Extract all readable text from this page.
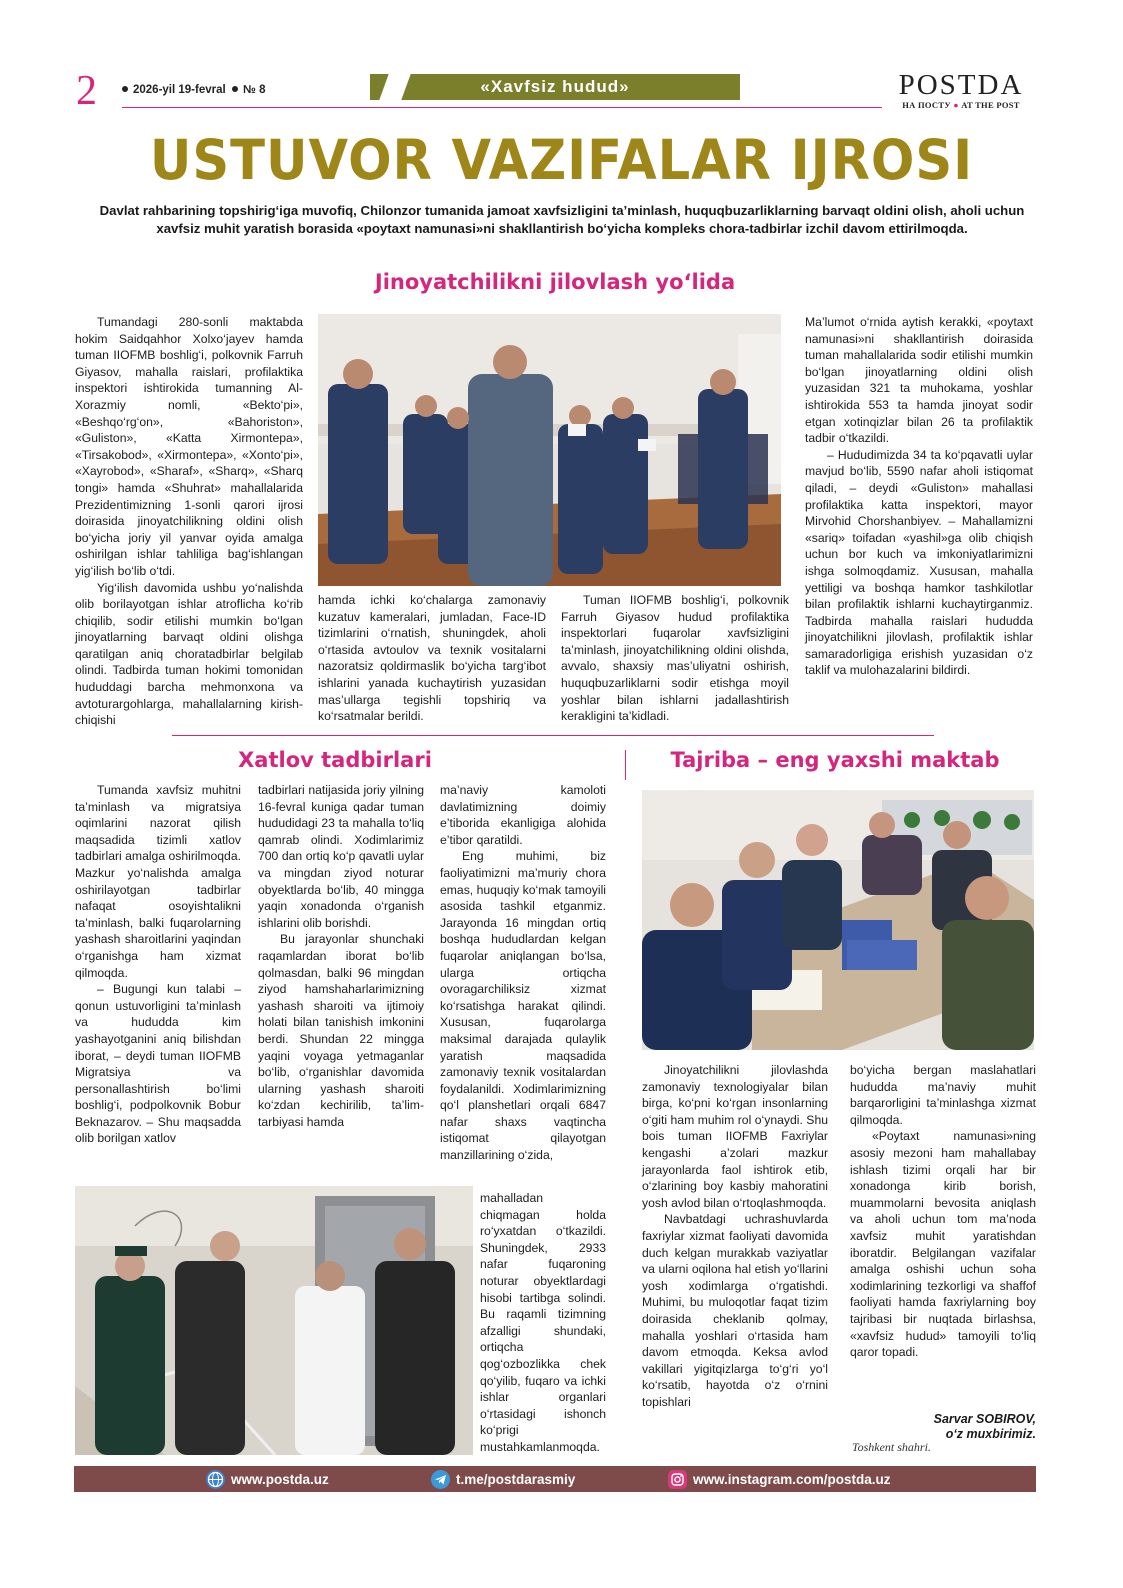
2	2026-yil 19-fevral № 8	«Xavfsiz hudud»	POSTDA
НА ПОСТУ ● AT THE POST
USTUVOR VAZIFALAR IJROSI
Davlat rahbarining topshirig‘iga muvofiq, Chilonzor tumanida jamoat xavfsizligini ta’minlash, huquqbuzarliklarning barvaqt oldini olish, aholi uchun xavfsiz muhit yaratish borasida «poytaxt namunasi»ni shakllantirish bo‘yicha kompleks chora-tadbirlar izchil davom ettirilmoqda.
Jinoyatchilikni jilovlash yo‘lida

Tumandagi 280-sonli maktabda hokim Saidqahhor Xolxo‘jayev hamda tuman IIOFMB boshlig‘i, polkovnik Farruh Giyasov, mahalla raislari, profilaktika inspektori ishtirokida tumanning Al-Xorazmiy nomli, «Bekto‘pi», «Beshqo‘rg‘on», «Bahoriston», «Guliston», «Katta Xirmontepa», «Tirsakobod», «Xirmontepa», «Xonto‘pi», «Xayrobod», «Sharaf», «Sharq», «Sharq tongi» hamda «Shuhrat» mahallalarida Prezidentimizning 1-sonli qarori ijrosi doirasida jinoyatchilikning oldini olish bo‘yicha joriy yil yanvar oyida amalga oshirilgan ishlar tahliliga bag‘ishlangan yig‘ilish bo‘lib o‘tdi.

Yig‘ilish davomida ushbu yo‘nalishda olib borilayotgan ishlar atroflicha ko‘rib chiqilib, sodir etilishi mumkin bo‘lgan jinoyatlarning barvaqt oldini olishga qaratilgan aniq choratadbirlar belgilab olindi. Tadbirda tuman hokimi tomonidan hududdagi barcha mehmonxona va avtoturargohlarga, mahallalarning kirish-chiqishi

hamda ichki ko‘chalarga zamonaviy kuzatuv kameralari, jumladan, Face-ID tizimlarini o‘rnatish, shuningdek, aholi o‘rtasida avtoulov va texnik vositalarni nazoratsiz qoldirmaslik bo‘yicha targ‘ibot ishlarini yanada kuchaytirish yuzasidan mas’ullarga tegishli topshiriq va ko‘rsatmalar berildi.

Tuman IIOFMB boshlig‘i, polkovnik Farruh Giyasov hudud profilaktika inspektorlari fuqarolar xavfsizligini ta’minlash, jinoyatchilikning oldini olishda, avvalo, shaxsiy mas’uliyatni oshirish, huquqbuzarliklarni sodir etishga moyil yoshlar bilan ishlarni jadallashtirish kerakligini ta’kidladi.

Ma’lumot o‘rnida aytish kerakki, «poytaxt namunasi»ni shakllantirish doirasida tuman mahallalarida sodir etilishi mumkin bo‘lgan jinoyatlarning oldini olish yuzasidan 321 ta muhokama, yoshlar ishtirokida 553 ta hamda jinoyat sodir etgan xotinqizlar bilan 26 ta profilaktik tadbir o‘tkazildi.

– Hududimizda 34 ta ko‘pqavatli uylar mavjud bo‘lib, 5590 nafar aholi istiqomat qiladi, – deydi «Guliston» mahallasi profilaktika katta inspektori, mayor Mirvohid Chorshanbiyev. – Mahallamizni «sariq» toifadan «yashil»ga olib chiqish uchun bor kuch va imkoniyatlarimizni ishga solmoqdamiz. Xususan, mahalla yettiligi va boshqa hamkor tashkilotlar bilan profilaktik ishlarni kuchaytirganmiz. Tadbirda mahalla raislari hududda jinoyatchilikni jilovlash, profilaktik ishlar samaradorligiga erishish yuzasidan o‘z taklif va mulohazalarini bildirdi.

Xatlov tadbirlari

Tumanda xavfsiz muhitni ta’minlash va migratsiya oqimlarini nazorat qilish maqsadida tizimli xatlov tadbirlari amalga oshirilmoqda. Mazkur yo‘nalishda amalga oshirilayotgan tadbirlar nafaqat osoyishtalikni ta’minlash, balki fuqarolarning yashash sharoitlarini yaqindan o‘rganishga ham xizmat qilmoqda.

– Bugungi kun talabi – qonun ustuvorligini ta’minlash va hududda kim yashayotganini aniq bilishdan iborat, – deydi tuman IIOFMB Migratsiya va personallashtirish bo‘limi boshlig‘i, podpolkovnik Bobur Beknazarov. – Shu maqsadda olib borilgan xatlov

tadbirlari natijasida joriy yilning 16-fevral kuniga qadar tuman hududidagi 23 ta mahalla to‘liq qamrab olindi. Xodimlarimiz 700 dan ortiq ko‘p qavatli uylar va mingdan ziyod noturar obyektlarda bo‘lib, 40 mingga yaqin xonadonda o‘rganish ishlarini olib borishdi.

Bu jarayonlar shunchaki raqamlardan iborat bo‘lib qolmasdan, balki 96 mingdan ziyod hamshaharlarimizning yashash sharoiti va ijtimoiy holati bilan tanishish imkonini berdi. Shundan 22 mingga yaqini voyaga yetmaganlar bo‘lib, o‘rganishlar davomida ularning yashash sharoiti ko‘zdan kechirilib, ta’lim-tarbiyasi hamda

ma’naviy kamoloti davlatimizning doimiy e’tiborida ekanligiga alohida e’tibor qaratildi.

Eng muhimi, biz faoliyatimizni ma’muriy chora emas, huquqiy ko‘mak tamoyili asosida tashkil etganmiz. Jarayonda 16 mingdan ortiq boshqa hududlardan kelgan fuqarolar aniqlangan bo‘lsa, ularga ortiqcha ovoragarchiliksiz xizmat ko‘rsatishga harakat qilindi. Xususan, fuqarolarga maksimal darajada qulaylik yaratish maqsadida zamonaviy texnik vositalardan foydalanildi. Xodimlarimizning qo‘l planshetlari orqali 6847 nafar shaxs vaqtincha istiqomat qilayotgan manzillarining o‘zida,

mahalladan chiqmagan holda ro‘yxatdan o‘tkazildi. Shuningdek, 2933 nafar fuqaroning noturar obyektlardagi hisobi tartibga solindi. Bu raqamli tizimning afzalligi shundaki, ortiqcha qog‘ozbozlikka chek qo‘yilib, fuqaro va ichki ishlar organlari o‘rtasidagi ishonch ko‘prigi mustahkamlanmoqda.

Tajriba – eng yaxshi maktab

Jinoyatchilikni jilovlashda zamonaviy texnologiyalar bilan birga, ko‘pni ko‘rgan insonlarning o‘giti ham muhim rol o‘ynaydi. Shu bois tuman IIOFMB Faxriylar kengashi a’zolari mazkur jarayonlarda faol ishtirok etib, o‘zlarining boy kasbiy mahoratini yosh avlod bilan o‘rtoqlashmoqda.

Navbatdagi uchrashuvlarda faxriylar xizmat faoliyati davomida duch kelgan murakkab vaziyatlar va ularni oqilona hal etish yo‘llarini yosh xodimlarga o‘rgatishdi. Muhimi, bu muloqotlar faqat tizim doirasida cheklanib qolmay, mahalla yoshlari o‘rtasida ham davom etmoqda. Keksa avlod vakillari yigitqizlarga to‘g‘ri yo‘l ko‘rsatib, hayotda o‘z o‘rnini topishlari

bo‘yicha bergan maslahatlari hududda ma’naviy muhit barqarorligini ta’minlashga xizmat qilmoqda.

«Poytaxt namunasi»ning asosiy mezoni ham mahallabay ishlash tizimi orqali har bir xonadonga kirib borish, muammolarni bevosita aniqlash va aholi uchun tom ma’noda xavfsiz muhit yaratishdan iboratdir. Belgilangan vazifalar amalga oshishi uchun soha xodimlarining tezkorligi va shaffof faoliyati hamda faxriylarning boy tajribasi bir nuqtada birlashsa, «xavfsiz hudud» tamoyili to‘liq qaror topadi.

Sarvar SOBIROV,
o‘z muxbirimiz.
Toshkent shahri.
www.postda.uz	t.me/postdarasmiy	www.instagram.com/postda.uz
